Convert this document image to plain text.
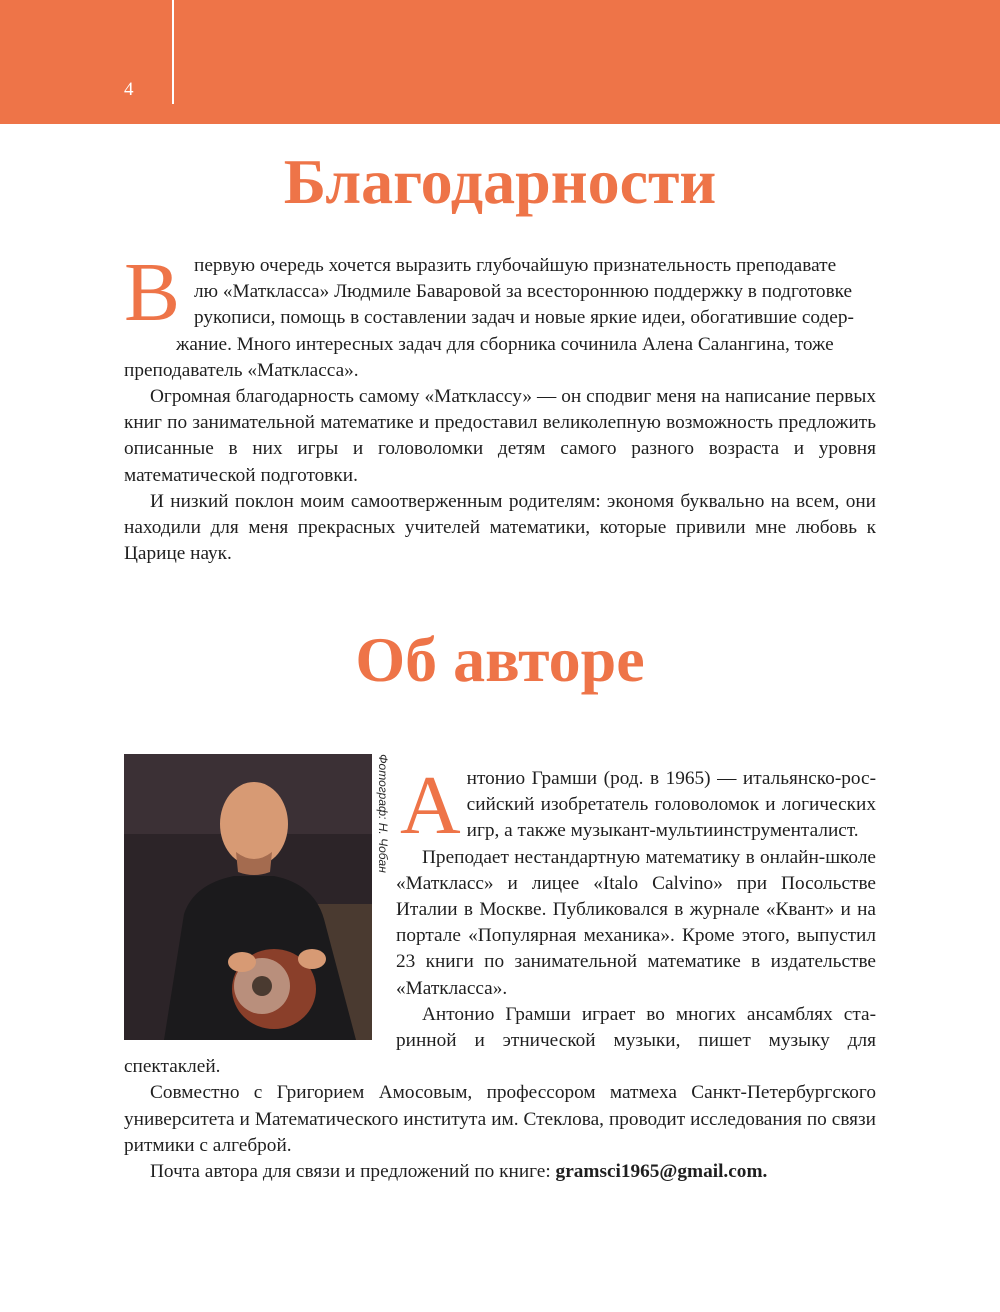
4
Благодарности

В первую очередь хочется выразить глубочайшую признательность преподавате
лю «Маткласса» Людмиле Баваровой за всестороннюю поддержку в подготовке
рукописи, помощь в составлении задач и новые яркие идеи, обогатившие содер-
жание. Много интересных задач для сборника сочинила Алена Салангина, тоже
преподаватель «Маткласса».

Огромная благодарность самому «Матклассу» — он сподвиг меня на написание первых книг по занимательной математике и предоставил великолепную возможность предложить описанные в них игры и головоломки детям самого разного возраста и уровня математической подготовки.

И низкий поклон моим самоотверженным родителям: экономя буквально на всем, они находили для меня прекрасных учителей математики, которые привили мне любовь к Царице наук.

Об авторе
Фотограф: Н. Чобан Антонио Грамши (род. в 1965) — итальянско-российский изобретатель головоломок и логических игр, а также музыкант-мультиинструменталист.

Преподает нестандартную математику в онлайн-школе «Маткласс» и лицее «Italo Calvino» при Посольстве Италии в Москве. Публиковался в журнале «Квант» и на портале «Популярная механика». Кроме этого, выпустил 23 книги по занимательной математике в издательстве «Маткласса».

Антонио Грамши играет во многих ансамблях старинной и этнической музыки, пишет музыку для спектаклей.

Совместно с Григорием Амосовым, профессором матмеха Санкт-Петербургского университета и Математического института им. Стеклова, проводит исследования по связи ритмики с алгеброй.

Почта автора для связи и предложений по книге: gramsci1965@gmail.com.
